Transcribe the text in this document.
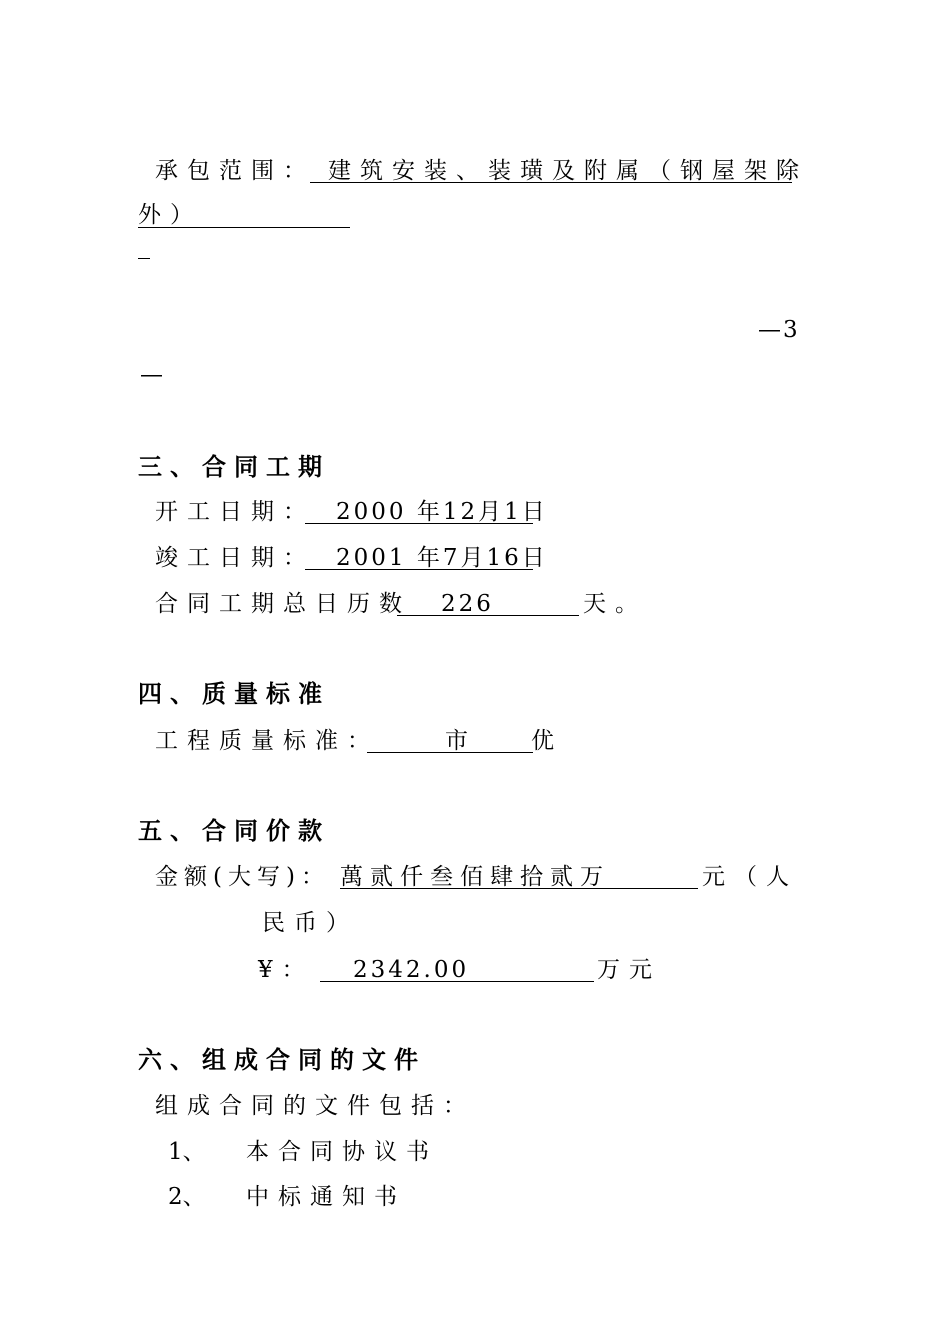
承包范围： 建筑安装、装璜及附属（钢屋架除
外）
—3
—
三、合同工期
开工日期： 2000 年12月1日
竣工日期： 2001 年7月16日
合同工期总日历数 226	天。
四、质量标准
工程质量标准：	市　优
五、合同价款
金额(大写)： 萬贰仟叁佰肆拾贰万	元（人
民币）
¥： 2342.00	万元
六、组成合同的文件
组成合同的文件包括：
1、 本合同协议书
2、 中标通知书
